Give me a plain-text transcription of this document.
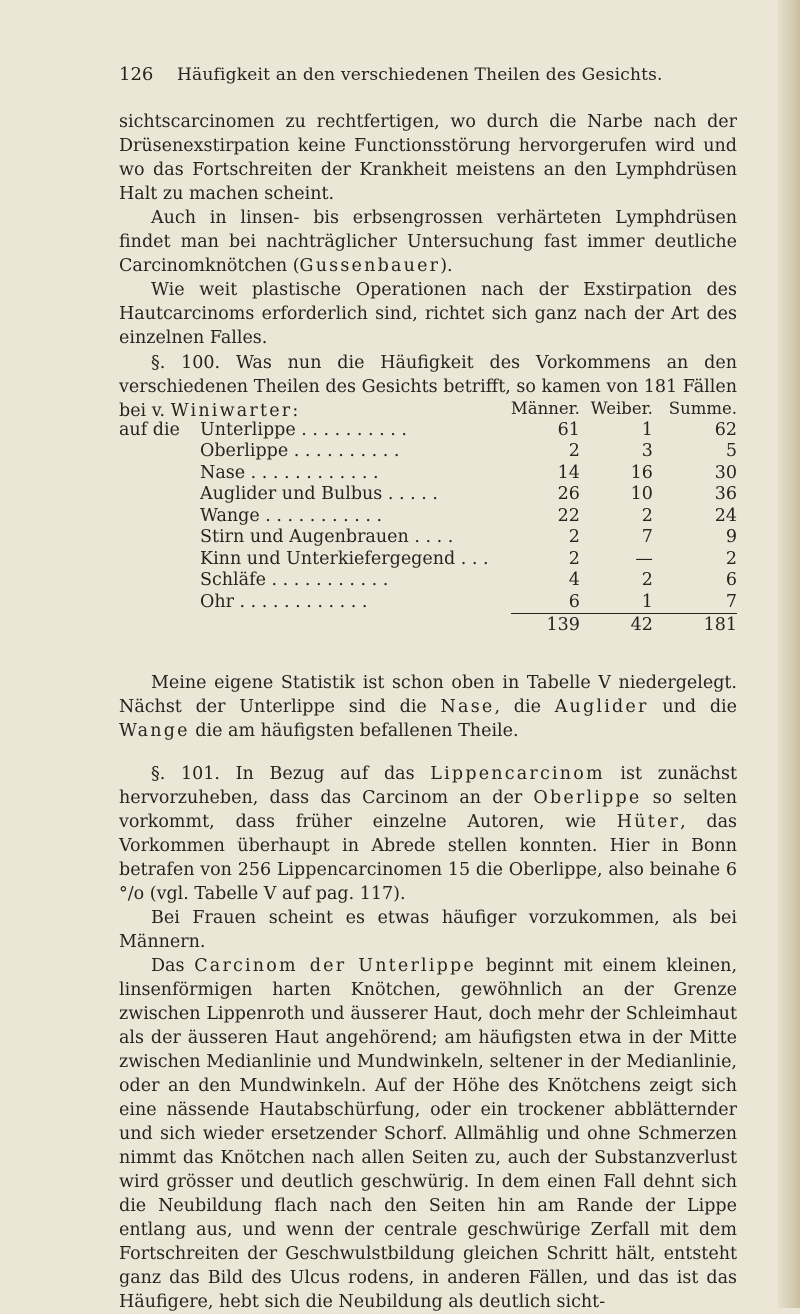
126 Häufigkeit an den verschiedenen Theilen des Gesichts.

sichtscarcinomen zu rechtfertigen, wo durch die Narbe nach der Drüsenexstirpation keine Functionsstörung hervorgerufen wird und wo das Fortschreiten der Krankheit meistens an den Lymphdrüsen Halt zu machen scheint.

Auch in linsen- bis erbsengrossen verhärteten Lymphdrüsen findet man bei nachträglicher Untersuchung fast immer deutliche Carcinomknötchen (Gussenbauer).

Wie weit plastische Operationen nach der Exstirpation des Hautcarcinoms erforderlich sind, richtet sich ganz nach der Art des einzelnen Falles.

§. 100. Was nun die Häufigkeit des Vorkommens an den verschiedenen Theilen des Gesichts betrifft, so kamen von 181 Fällen bei v. Winiwarter:

		Männer.	Weiber.	Summe.
auf die Unterlippe . . . . . . . . . .	61	1	62
Oberlippe . . . . . . . . . .	2	3	5
Nase . . . . . . . . . . . .	14	16	30
Auglider und Bulbus . . . . .	26	10	36
Wange . . . . . . . . . . .	22	2	24
Stirn und Augenbrauen . . . .	2	7	9
Kinn und Unterkiefergegend . . .	2	—	2
Schläfe . . . . . . . . . . .	4	2	6
Ohr . . . . . . . . . . . .	6	1	7
	139	42	181

Meine eigene Statistik ist schon oben in Tabelle V niedergelegt. Nächst der Unterlippe sind die Nase, die Auglider und die Wange die am häufigsten befallenen Theile.

§. 101. In Bezug auf das Lippencarcinom ist zunächst hervorzuheben, dass das Carcinom an der Oberlippe so selten vorkommt, dass früher einzelne Autoren, wie Hüter, das Vorkommen überhaupt in Abrede stellen konnten. Hier in Bonn betrafen von 256 Lippencarcinomen 15 die Oberlippe, also beinahe 6 °/o (vgl. Tabelle V auf pag. 117).

Bei Frauen scheint es etwas häufiger vorzukommen, als bei Männern.

Das Carcinom der Unterlippe beginnt mit einem kleinen, linsenförmigen harten Knötchen, gewöhnlich an der Grenze zwischen Lippenroth und äusserer Haut, doch mehr der Schleimhaut als der äusseren Haut angehörend; am häufigsten etwa in der Mitte zwischen Medianlinie und Mundwinkeln, seltener in der Medianlinie, oder an den Mundwinkeln. Auf der Höhe des Knötchens zeigt sich eine nässende Hautabschürfung, oder ein trockener abblätternder und sich wieder ersetzender Schorf. Allmählig und ohne Schmerzen nimmt das Knötchen nach allen Seiten zu, auch der Substanzverlust wird grösser und deutlich geschwürig. In dem einen Fall dehnt sich die Neubildung flach nach den Seiten hin am Rande der Lippe entlang aus, und wenn der centrale geschwürige Zerfall mit dem Fortschreiten der Geschwulstbildung gleichen Schritt hält, entsteht ganz das Bild des Ulcus rodens, in anderen Fällen, und das ist das Häufigere, hebt sich die Neubildung als deutlich sicht-
